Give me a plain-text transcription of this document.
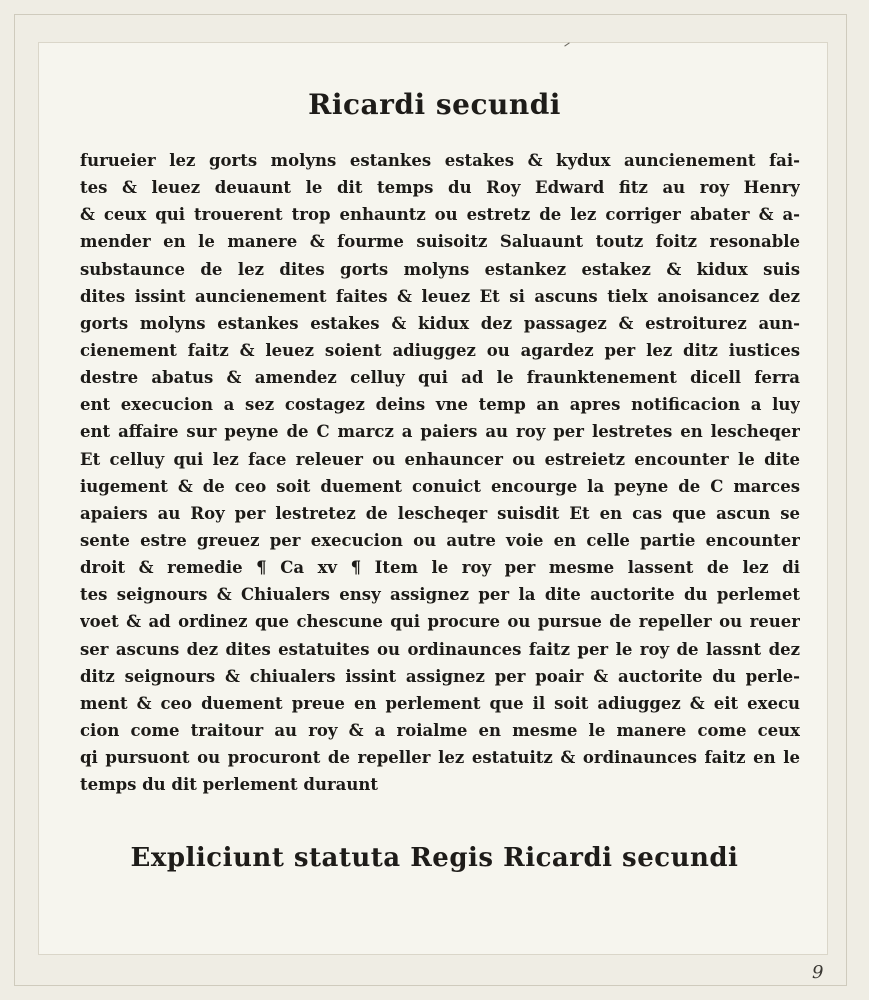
Ricardi secundi
furueier lez gorts molyns estankes estakes & kydux auncienement fai-
tes & leuez deuaunt le dit temps du Roy Edward fitz au roy Henry
& ceux qui trouerent trop enhauntz ou estretz de lez corriger abater & a-
mender en le manere & fourme suisoitz Saluaunt toutz foitz resonable
substaunce de lez dites gorts molyns estankez estakez & kidux suis
dites issint auncienement faites & leuez Et si ascuns tielx anoisancez dez
gorts molyns estankes estakes & kidux dez passagez & estroiturez aun-
cienement faitz & leuez soient adiuggez ou agardez per lez ditz iustices
destre abatus & amendez celluy qui ad le fraunktenement dicell ferra
ent execucion a sez costagez deins vne temp an apres notificacion a luy
ent affaire sur peyne de C marcz a paiers au roy per lestretes en lescheqer
Et celluy qui lez face releuer ou enhauncer ou estreietz encounter le dite
iugement & de ceo soit duement conuict encourge la peyne de C marces
apaiers au Roy per lestretez de lescheqer suisdit Et en cas que ascun se
sente estre greuez per execucion ou autre voie en celle partie encounter
droit & remedie ¶ Ca xv ¶ Item le roy per mesme lassent de lez di
tes seignours & Chiualers ensy assignez per la dite auctorite du perlemet
voet & ad ordinez que chescune qui procure ou pursue de repeller ou reuer
ser ascuns dez dites estatuites ou ordinaunces faitz per le roy de lassnt dez
ditz seignours & chiualers issint assignez per poair & auctorite du perle-
ment & ceo duement preue en perlement que il soit adiuggez & eit execu
cion come traitour au roy & a roialme en mesme le manere come ceux
qi pursuont ou procuront de repeller lez estatuitz & ordinaunces faitz en le
temps du dit perlement duraunt
Expliciunt statuta Regis Ricardi secundi
9
